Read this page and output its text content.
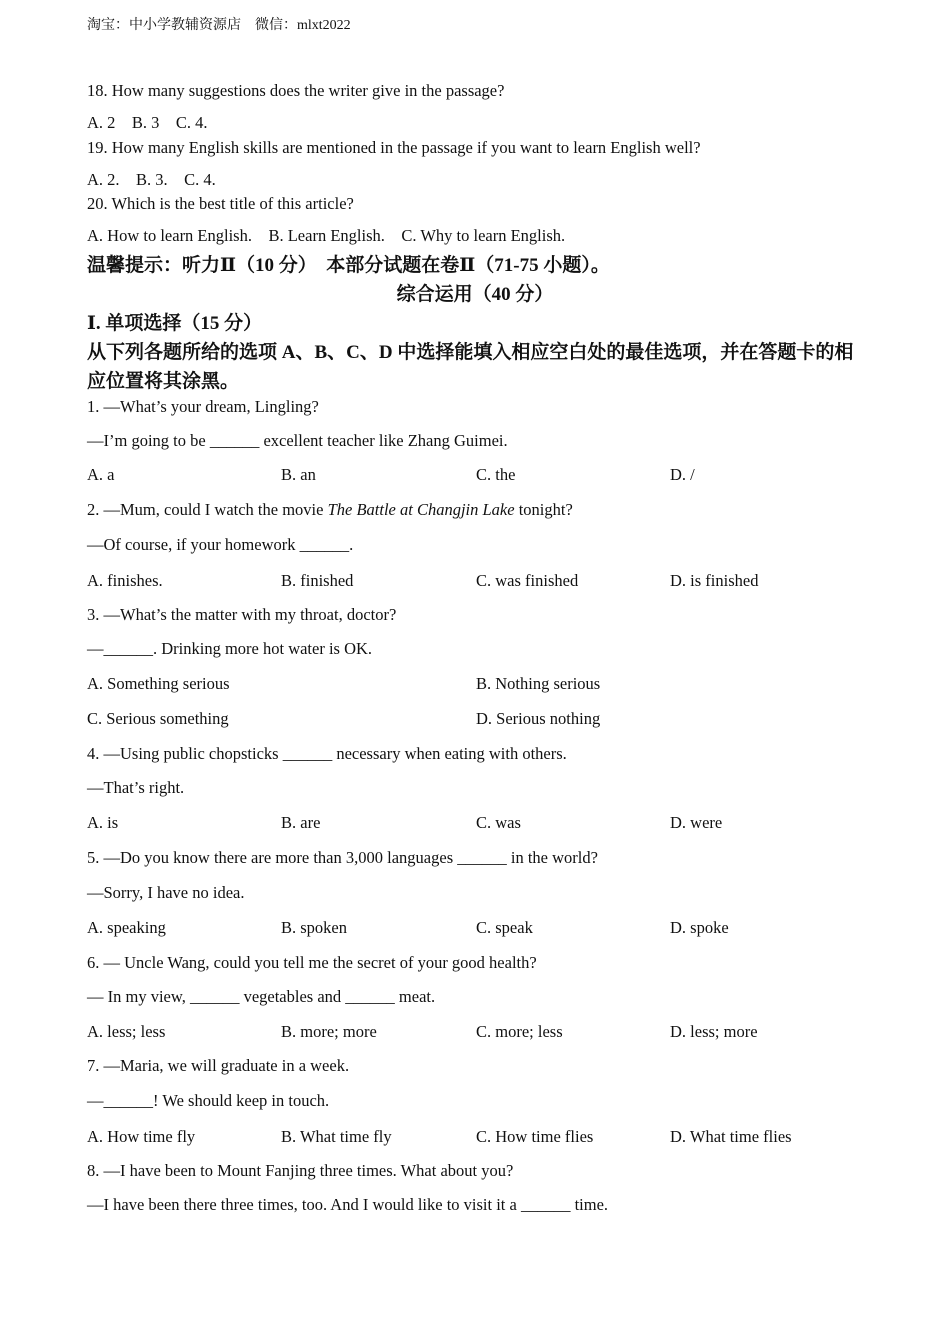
淘宝：中小学教辅资源店　微信：mlxt2022
18. How many suggestions does the writer give in the passage?
A. 2　B. 3　C. 4.
19. How many English skills are mentioned in the passage if you want to learn English well?
A. 2.　B. 3.　C. 4.
20. Which is the best title of this article?
A. How to learn English.　B. Learn English.　C. Why to learn English.
温馨提示：听力Ⅱ（10 分）　本部分试题在卷Ⅱ（71-75 小题）。
综合运用（40 分）
Ⅰ. 单项选择（15 分）
从下列各题所给的选项 A、B、C、D 中选择能填入相应空白处的最佳选项，并在答题卡的相
应位置将其涂黑。
1. —What’s your dream, Lingling?
—I’m going to be ______ excellent teacher like Zhang Guimei.
A. a	B. an	C. the	D. /
2. —Mum, could I watch the movie The Battle at Changjin Lake tonight?
—Of course, if your homework ______.
A. finishes.	B. finished	C. was finished	D. is finished
3. —What’s the matter with my throat, doctor?
—______. Drinking more hot water is OK.
A. Something serious	B. Nothing serious
C. Serious something	D. Serious nothing
4. —Using public chopsticks ______ necessary when eating with others.
—That’s right.
A. is	B. are	C. was	D. were
5. —Do you know there are more than 3,000 languages ______ in the world?
—Sorry, I have no idea.
A. speaking	B. spoken	C. speak	D. spoke
6. — Uncle Wang, could you tell me the secret of your good health?
— In my view, ______ vegetables and ______ meat.
A. less; less	B. more; more	C. more; less	D. less; more
7. —Maria, we will graduate in a week.
—______! We should keep in touch.
A. How time fly	B. What time fly	C. How time flies	D. What time flies
8. —I have been to Mount Fanjing three times. What about you?
—I have been there three times, too. And I would like to visit it a ______ time.
